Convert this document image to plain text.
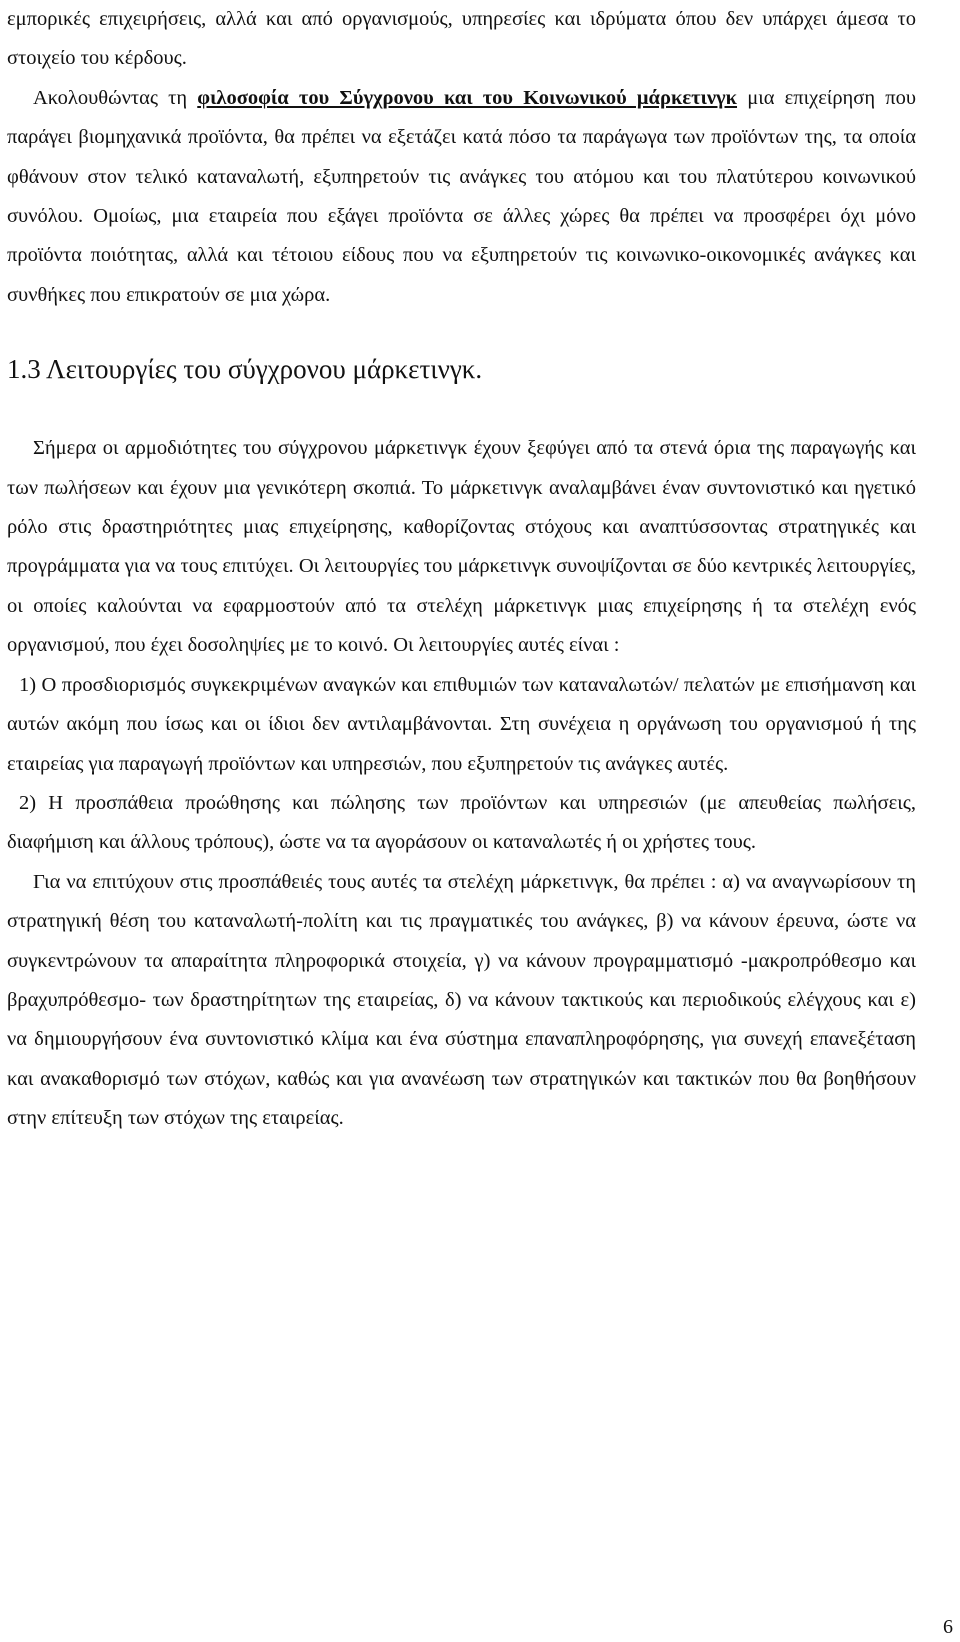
εμπορικές επιχειρήσεις, αλλά και από οργανισμούς, υπηρεσίες και ιδρύματα όπου δεν υπάρχει άμεσα το στοιχείο του κέρδους.

Ακολουθώντας τη φιλοσοφία του Σύγχρονου και του Κοινωνικού μάρκετινγκ μια επιχείρηση που παράγει βιομηχανικά προϊόντα, θα πρέπει να εξετάζει κατά πόσο τα παράγωγα των προϊόντων της, τα οποία φθάνουν στον τελικό καταναλωτή, εξυπηρετούν τις ανάγκες του ατόμου και του πλατύτερου κοινωνικού συνόλου. Ομοίως, μια εταιρεία που εξάγει προϊόντα σε άλλες χώρες θα πρέπει να προσφέρει όχι μόνο προϊόντα ποιότητας, αλλά και τέτοιου είδους που να εξυπηρετούν τις κοινωνικο-οικονομικές ανάγκες και συνθήκες που επικρατούν σε μια χώρα.

1.3 Λειτουργίες του σύγχρονου μάρκετινγκ.

Σήμερα οι αρμοδιότητες του σύγχρονου μάρκετινγκ έχουν ξεφύγει από τα στενά όρια της παραγωγής και των πωλήσεων και έχουν μια γενικότερη σκοπιά. Το μάρκετινγκ αναλαμβάνει έναν συντονιστικό και ηγετικό ρόλο στις δραστηριότητες μιας επιχείρησης, καθορίζοντας στόχους και αναπτύσσοντας στρατηγικές και προγράμματα για να τους επιτύχει. Οι λειτουργίες του μάρκετινγκ συνοψίζονται σε δύο κεντρικές λειτουργίες, οι οποίες καλούνται να εφαρμοστούν από τα στελέχη μάρκετινγκ μιας επιχείρησης ή τα στελέχη ενός οργανισμού, που έχει δοσοληψίες με το κοινό. Οι λειτουργίες αυτές είναι :

1) Ο προσδιορισμός συγκεκριμένων αναγκών και επιθυμιών των καταναλωτών/ πελατών με επισήμανση και αυτών ακόμη που ίσως και οι ίδιοι δεν αντιλαμβάνονται. Στη συνέχεια η οργάνωση του οργανισμού ή της εταιρείας για παραγωγή προϊόντων και υπηρεσιών, που εξυπηρετούν τις ανάγκες αυτές.

2) Η προσπάθεια προώθησης και πώλησης των προϊόντων και υπηρεσιών (με απευθείας πωλήσεις, διαφήμιση και άλλους τρόπους), ώστε να τα αγοράσουν οι καταναλωτές ή οι χρήστες τους.

Για να επιτύχουν στις προσπάθειές τους αυτές τα στελέχη μάρκετινγκ, θα πρέπει : α) να αναγνωρίσουν τη στρατηγική θέση του καταναλωτή-πολίτη και τις πραγματικές του ανάγκες, β) να κάνουν έρευνα, ώστε να συγκεντρώνουν τα απαραίτητα πληροφορικά στοιχεία, γ) να κάνουν προγραμματισμό -μακροπρόθεσμο και βραχυπρόθεσμο- των δραστηρίτητων της εταιρείας, δ) να κάνουν τακτικούς και περιοδικούς ελέγχους και ε) να δημιουργήσουν ένα συντονιστικό κλίμα και ένα σύστημα επαναπληροφόρησης, για συνεχή επανεξέταση και ανακαθορισμό των στόχων, καθώς και για ανανέωση των στρατηγικών και τακτικών που θα βοηθήσουν στην επίτευξη των στόχων της εταιρείας.

6
